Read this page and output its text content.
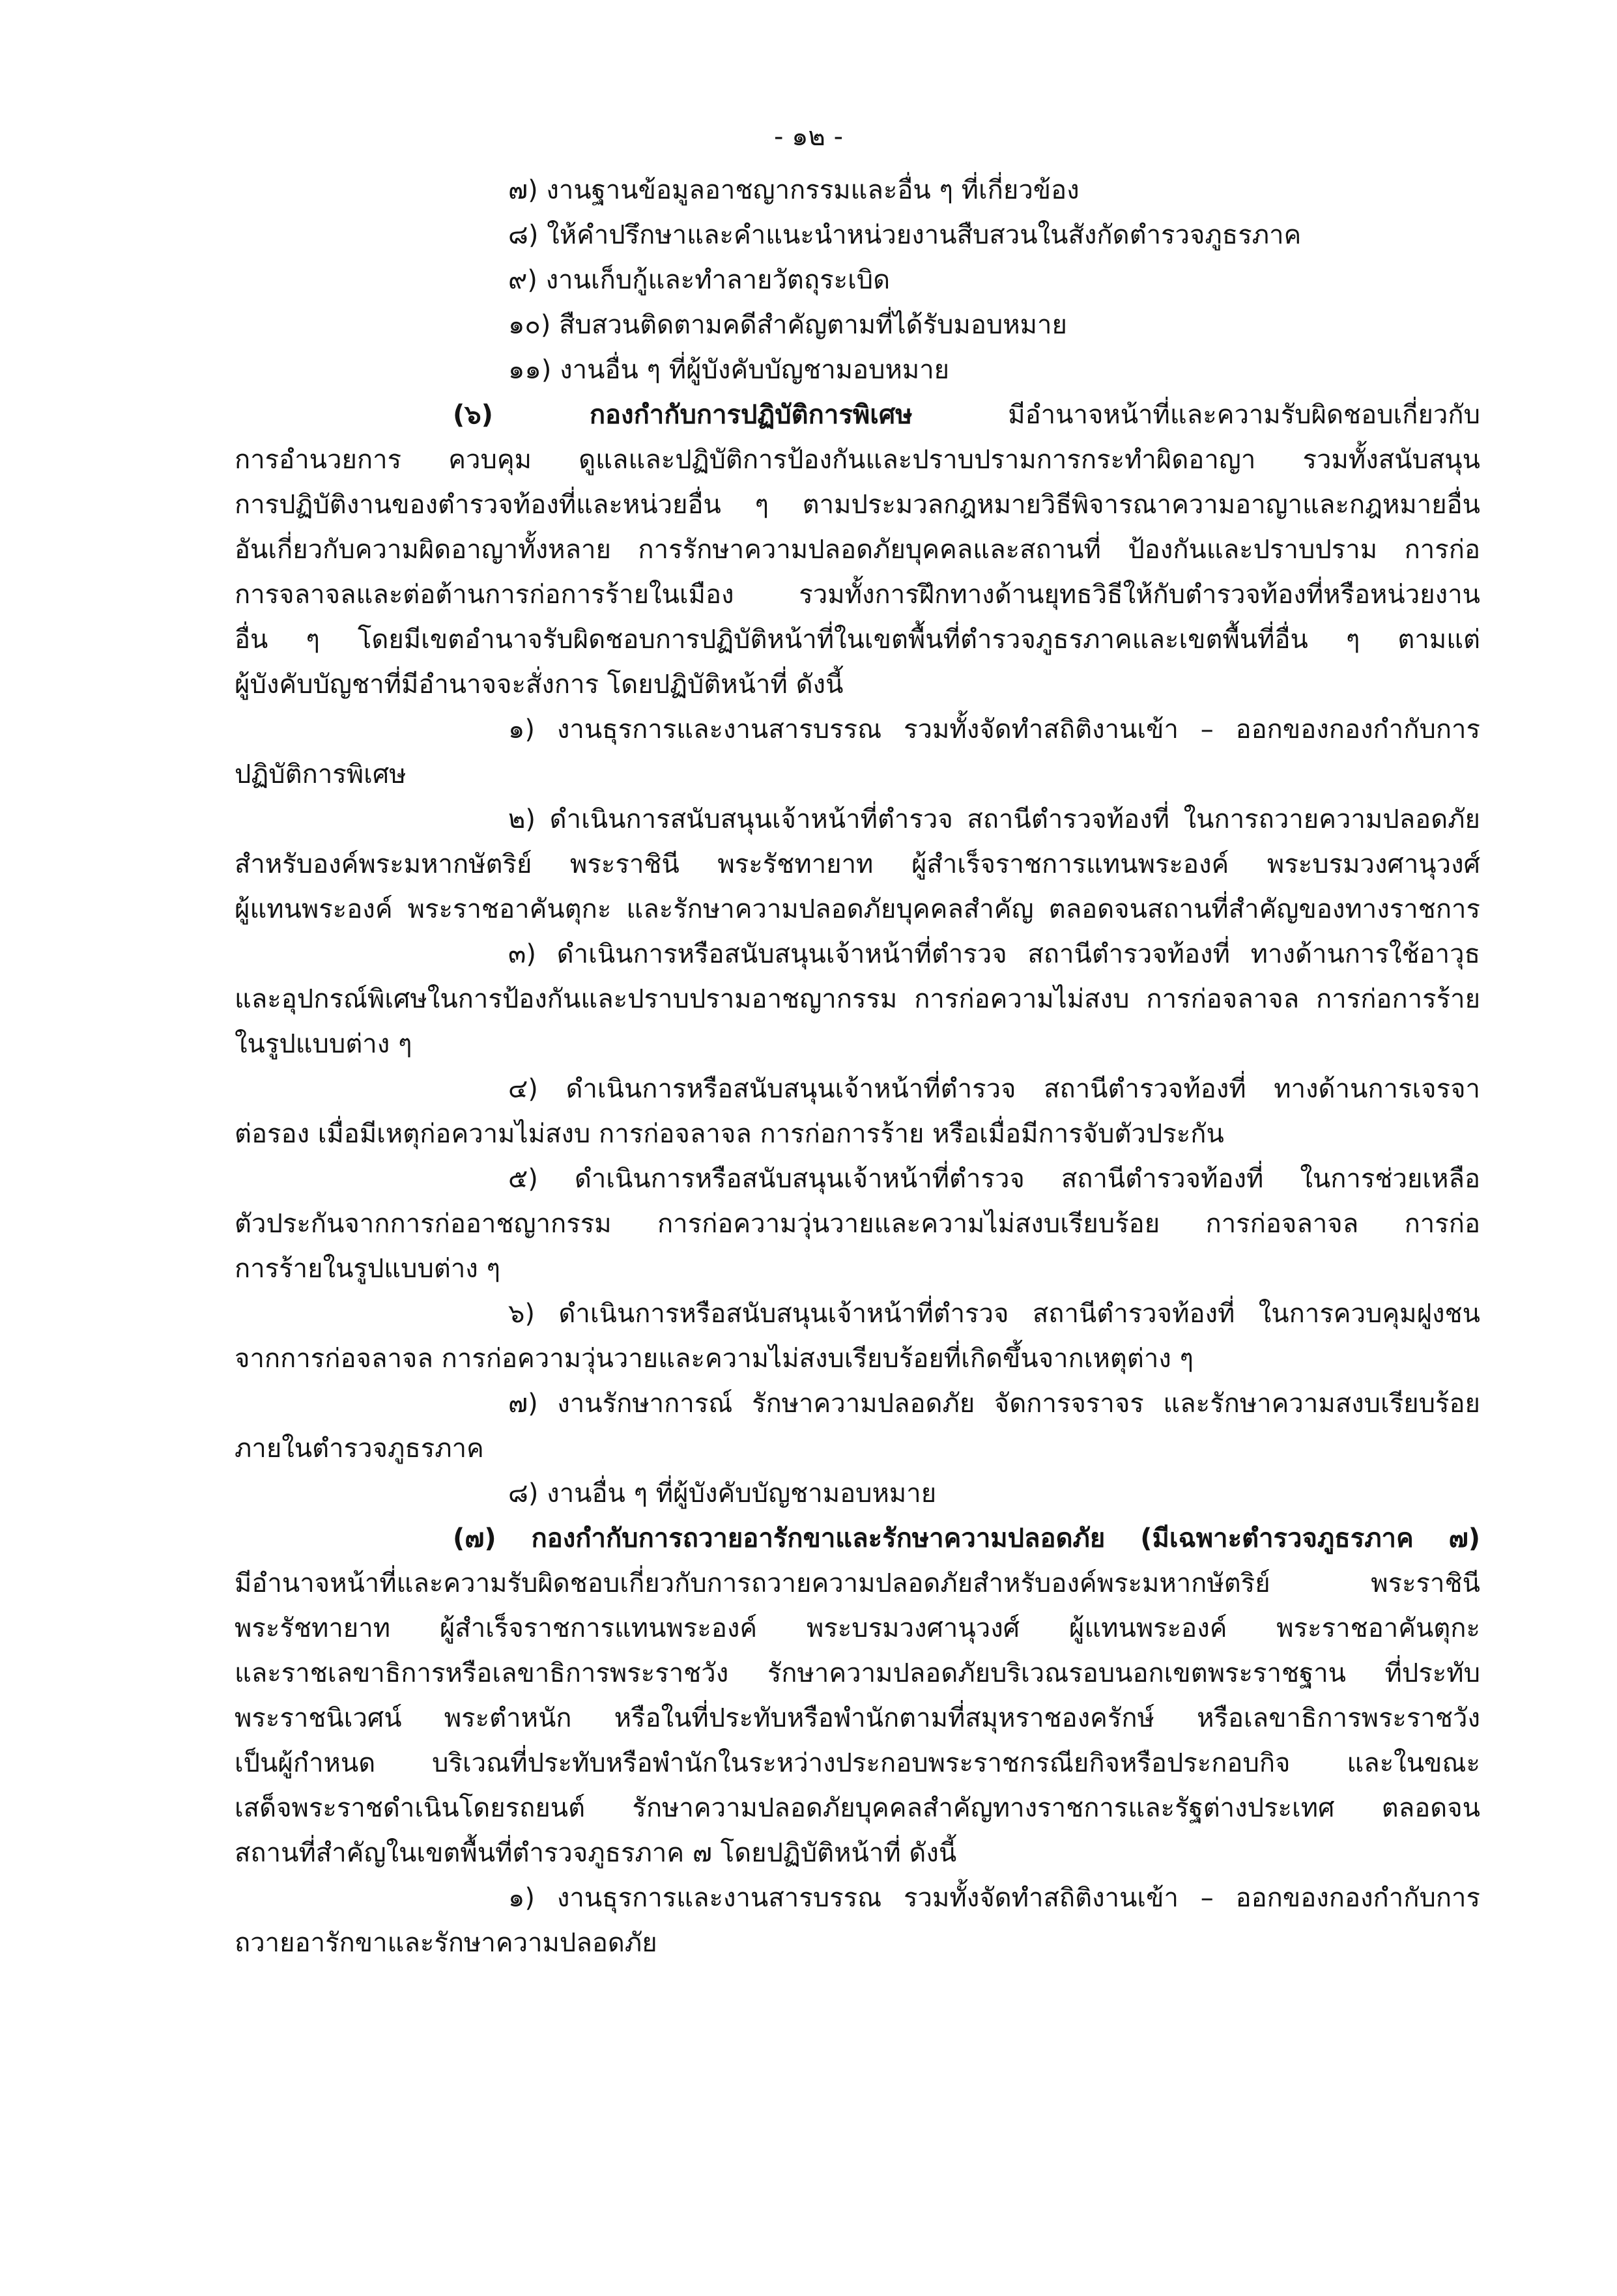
- ๑๒ -
๗) งานฐานข้อมูลอาชญากรรมและอื่น ๆ ที่เกี่ยวข้อง
๘) ให้คำปรึกษาและคำแนะนำหน่วยงานสืบสวนในสังกัดตำรวจภูธรภาค
๙) งานเก็บกู้และทำลายวัตถุระเบิด
๑๐) สืบสวนติดตามคดีสำคัญตามที่ได้รับมอบหมาย
๑๑) งานอื่น ๆ ที่ผู้บังคับบัญชามอบหมาย
(๖) กองกำกับการปฏิบัติการพิเศษ	มีอำนาจหน้าที่และความรับผิดชอบเกี่ยวกับ
การอำนวยการ ควบคุม ดูแลและปฏิบัติการป้องกันและปราบปรามการกระทำผิดอาญา รวมทั้งสนับสนุน
การปฏิบัติงานของตำรวจท้องที่และหน่วยอื่น ๆ ตามประมวลกฎหมายวิธีพิจารณาความอาญาและกฎหมายอื่น
อันเกี่ยวกับความผิดอาญาทั้งหลาย การรักษาความปลอดภัยบุคคลและสถานที่ ป้องกันและปราบปราม การก่อ
การจลาจลและต่อต้านการก่อการร้ายในเมือง รวมทั้งการฝึกทางด้านยุทธวิธีให้กับตำรวจท้องที่หรือหน่วยงาน
อื่น ๆ โดยมีเขตอำนาจรับผิดชอบการปฏิบัติหน้าที่ในเขตพื้นที่ตำรวจภูธรภาคและเขตพื้นที่อื่น ๆ ตามแต่
ผู้บังคับบัญชาที่มีอำนาจจะสั่งการ โดยปฏิบัติหน้าที่ ดังนี้
๑) งานธุรการและงานสารบรรณ รวมทั้งจัดทำสถิติงานเข้า – ออกของกองกำกับการ
ปฏิบัติการพิเศษ
๒) ดำเนินการสนับสนุนเจ้าหน้าที่ตำรวจ สถานีตำรวจท้องที่ ในการถวายความปลอดภัย
สำหรับองค์พระมหากษัตริย์ พระราชินี พระรัชทายาท ผู้สำเร็จราชการแทนพระองค์ พระบรมวงศานุวงศ์
ผู้แทนพระองค์ พระราชอาคันตุกะ และรักษาความปลอดภัยบุคคลสำคัญ ตลอดจนสถานที่สำคัญของทางราชการ
๓) ดำเนินการหรือสนับสนุนเจ้าหน้าที่ตำรวจ สถานีตำรวจท้องที่ ทางด้านการใช้อาวุธ
และอุปกรณ์พิเศษในการป้องกันและปราบปรามอาชญากรรม การก่อความไม่สงบ การก่อจลาจล การก่อการร้าย
ในรูปแบบต่าง ๆ
๔) ดำเนินการหรือสนับสนุนเจ้าหน้าที่ตำรวจ สถานีตำรวจท้องที่ ทางด้านการเจรจา
ต่อรอง เมื่อมีเหตุก่อความไม่สงบ การก่อจลาจล การก่อการร้าย หรือเมื่อมีการจับตัวประกัน
๕) ดำเนินการหรือสนับสนุนเจ้าหน้าที่ตำรวจ สถานีตำรวจท้องที่ ในการช่วยเหลือ
ตัวประกันจากการก่ออาชญากรรม การก่อความวุ่นวายและความไม่สงบเรียบร้อย การก่อจลาจล การก่อ
การร้ายในรูปแบบต่าง ๆ
๖) ดำเนินการหรือสนับสนุนเจ้าหน้าที่ตำรวจ สถานีตำรวจท้องที่ ในการควบคุมฝูงชน
จากการก่อจลาจล การก่อความวุ่นวายและความไม่สงบเรียบร้อยที่เกิดขึ้นจากเหตุต่าง ๆ
๗) งานรักษาการณ์ รักษาความปลอดภัย จัดการจราจร และรักษาความสงบเรียบร้อย
ภายในตำรวจภูธรภาค
๘) งานอื่น ๆ ที่ผู้บังคับบัญชามอบหมาย
(๗) กองกำกับการถวายอารักขาและรักษาความปลอดภัย (มีเฉพาะตำรวจภูธรภาค ๗)
มีอำนาจหน้าที่และความรับผิดชอบเกี่ยวกับการถวายความปลอดภัยสำหรับองค์พระมหากษัตริย์ พระราชินี
พระรัชทายาท ผู้สำเร็จราชการแทนพระองค์ พระบรมวงศานุวงศ์ ผู้แทนพระองค์ พระราชอาคันตุกะ
และราชเลขาธิการหรือเลขาธิการพระราชวัง รักษาความปลอดภัยบริเวณรอบนอกเขตพระราชฐาน ที่ประทับ
พระราชนิเวศน์ พระตำหนัก หรือในที่ประทับหรือพำนักตามที่สมุหราชองครักษ์ หรือเลขาธิการพระราชวัง
เป็นผู้กำหนด บริเวณที่ประทับหรือพำนักในระหว่างประกอบพระราชกรณียกิจหรือประกอบกิจ และในขณะ
เสด็จพระราชดำเนินโดยรถยนต์ รักษาความปลอดภัยบุคคลสำคัญทางราชการและรัฐต่างประเทศ ตลอดจน
สถานที่สำคัญในเขตพื้นที่ตำรวจภูธรภาค ๗ โดยปฏิบัติหน้าที่ ดังนี้
๑) งานธุรการและงานสารบรรณ รวมทั้งจัดทำสถิติงานเข้า – ออกของกองกำกับการ
ถวายอารักขาและรักษาความปลอดภัย
